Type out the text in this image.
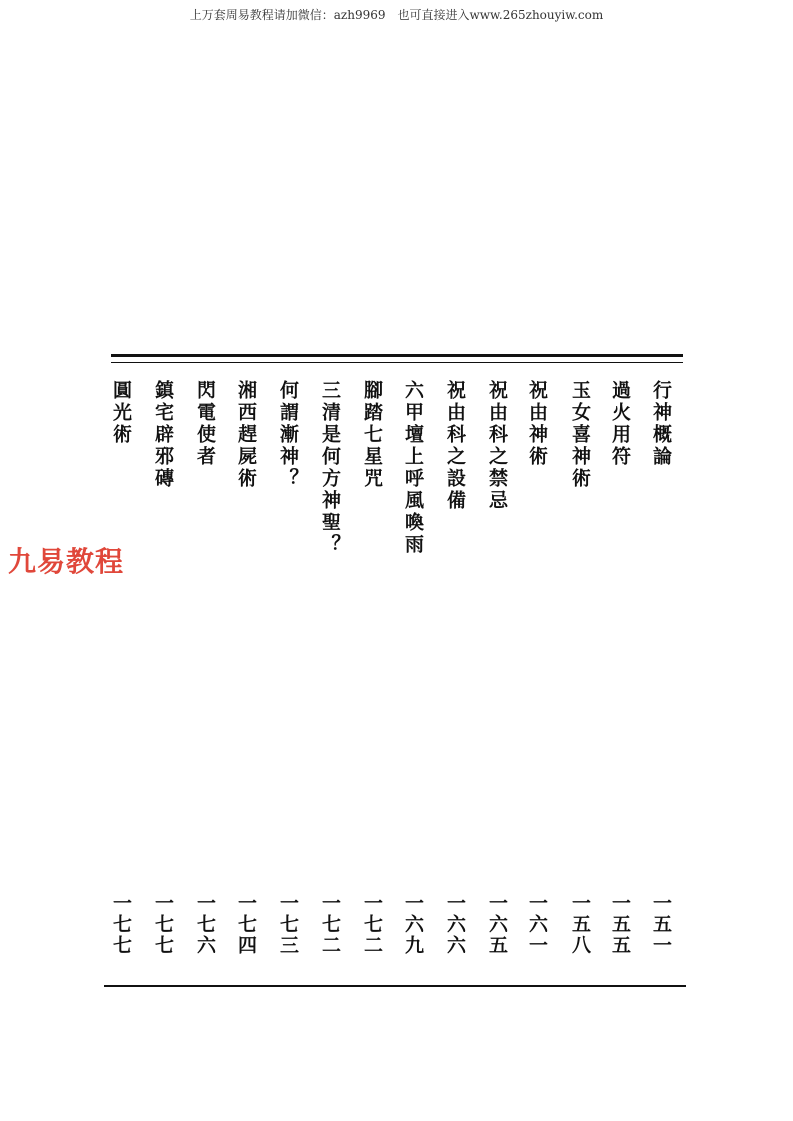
上万套周易教程请加微信：azh9969　也可直接进入www.265zhouyiw.com
九易教程
行神概論
過火用符
玉女喜神術
祝由神術
祝由科之禁忌
祝由科之設備
六甲壇上呼風喚雨
腳踏七星咒
三清是何方神聖？
何謂漸神？
湘西趕屍術
閃電使者
鎮宅辟邪磚
圓光術
一五一
一五五
一五八
一六一
一六五
一六六
一六九
一七二
一七二
一七三
一七四
一七六
一七七
一七七
